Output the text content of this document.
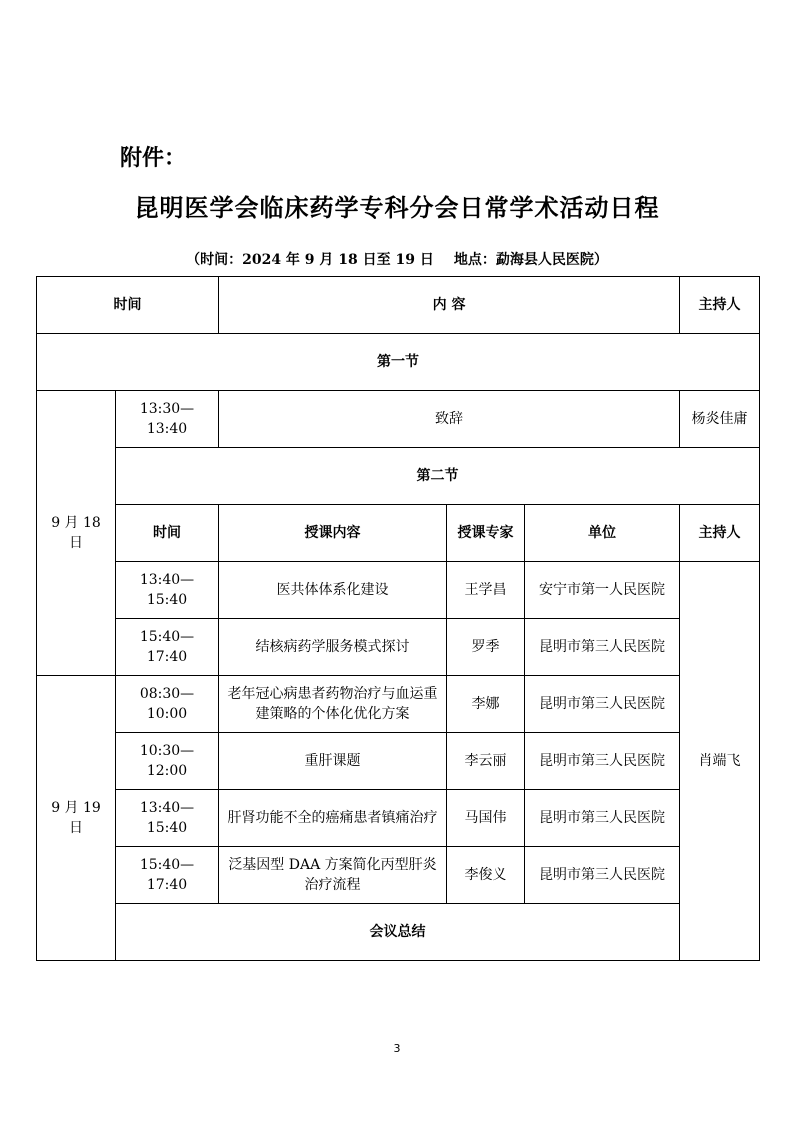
附件：
昆明医学会临床药学专科分会日常学术活动日程
（时间：2024 年 9 月 18 日至 19 日 地点：勐海县人民医院）
时间		内 容			主持人
第一节					
9 月 18 日	13:30—13:40	致辞			杨炎佳庸
	第二节				
	时间	授课内容	授课专家	单位	主持人
	13:40—15:40	医共体体系化建设	王学昌	安宁市第一人民医院	肖端飞
	15:40—17:40	结核病药学服务模式探讨	罗季	昆明市第三人民医院	
9 月 19 日	08:30—10:00	老年冠心病患者药物治疗与血运重建策略的个体化优化方案	李娜	昆明市第三人民医院	
	10:30—12:00	重肝课题	李云丽	昆明市第三人民医院	
	13:40—15:40	肝肾功能不全的癌痛患者镇痛治疗	马国伟	昆明市第三人民医院	
	15:40—17:40	泛基因型 DAA 方案简化丙型肝炎治疗流程	李俊义	昆明市第三人民医院	
	会议总结				
3
